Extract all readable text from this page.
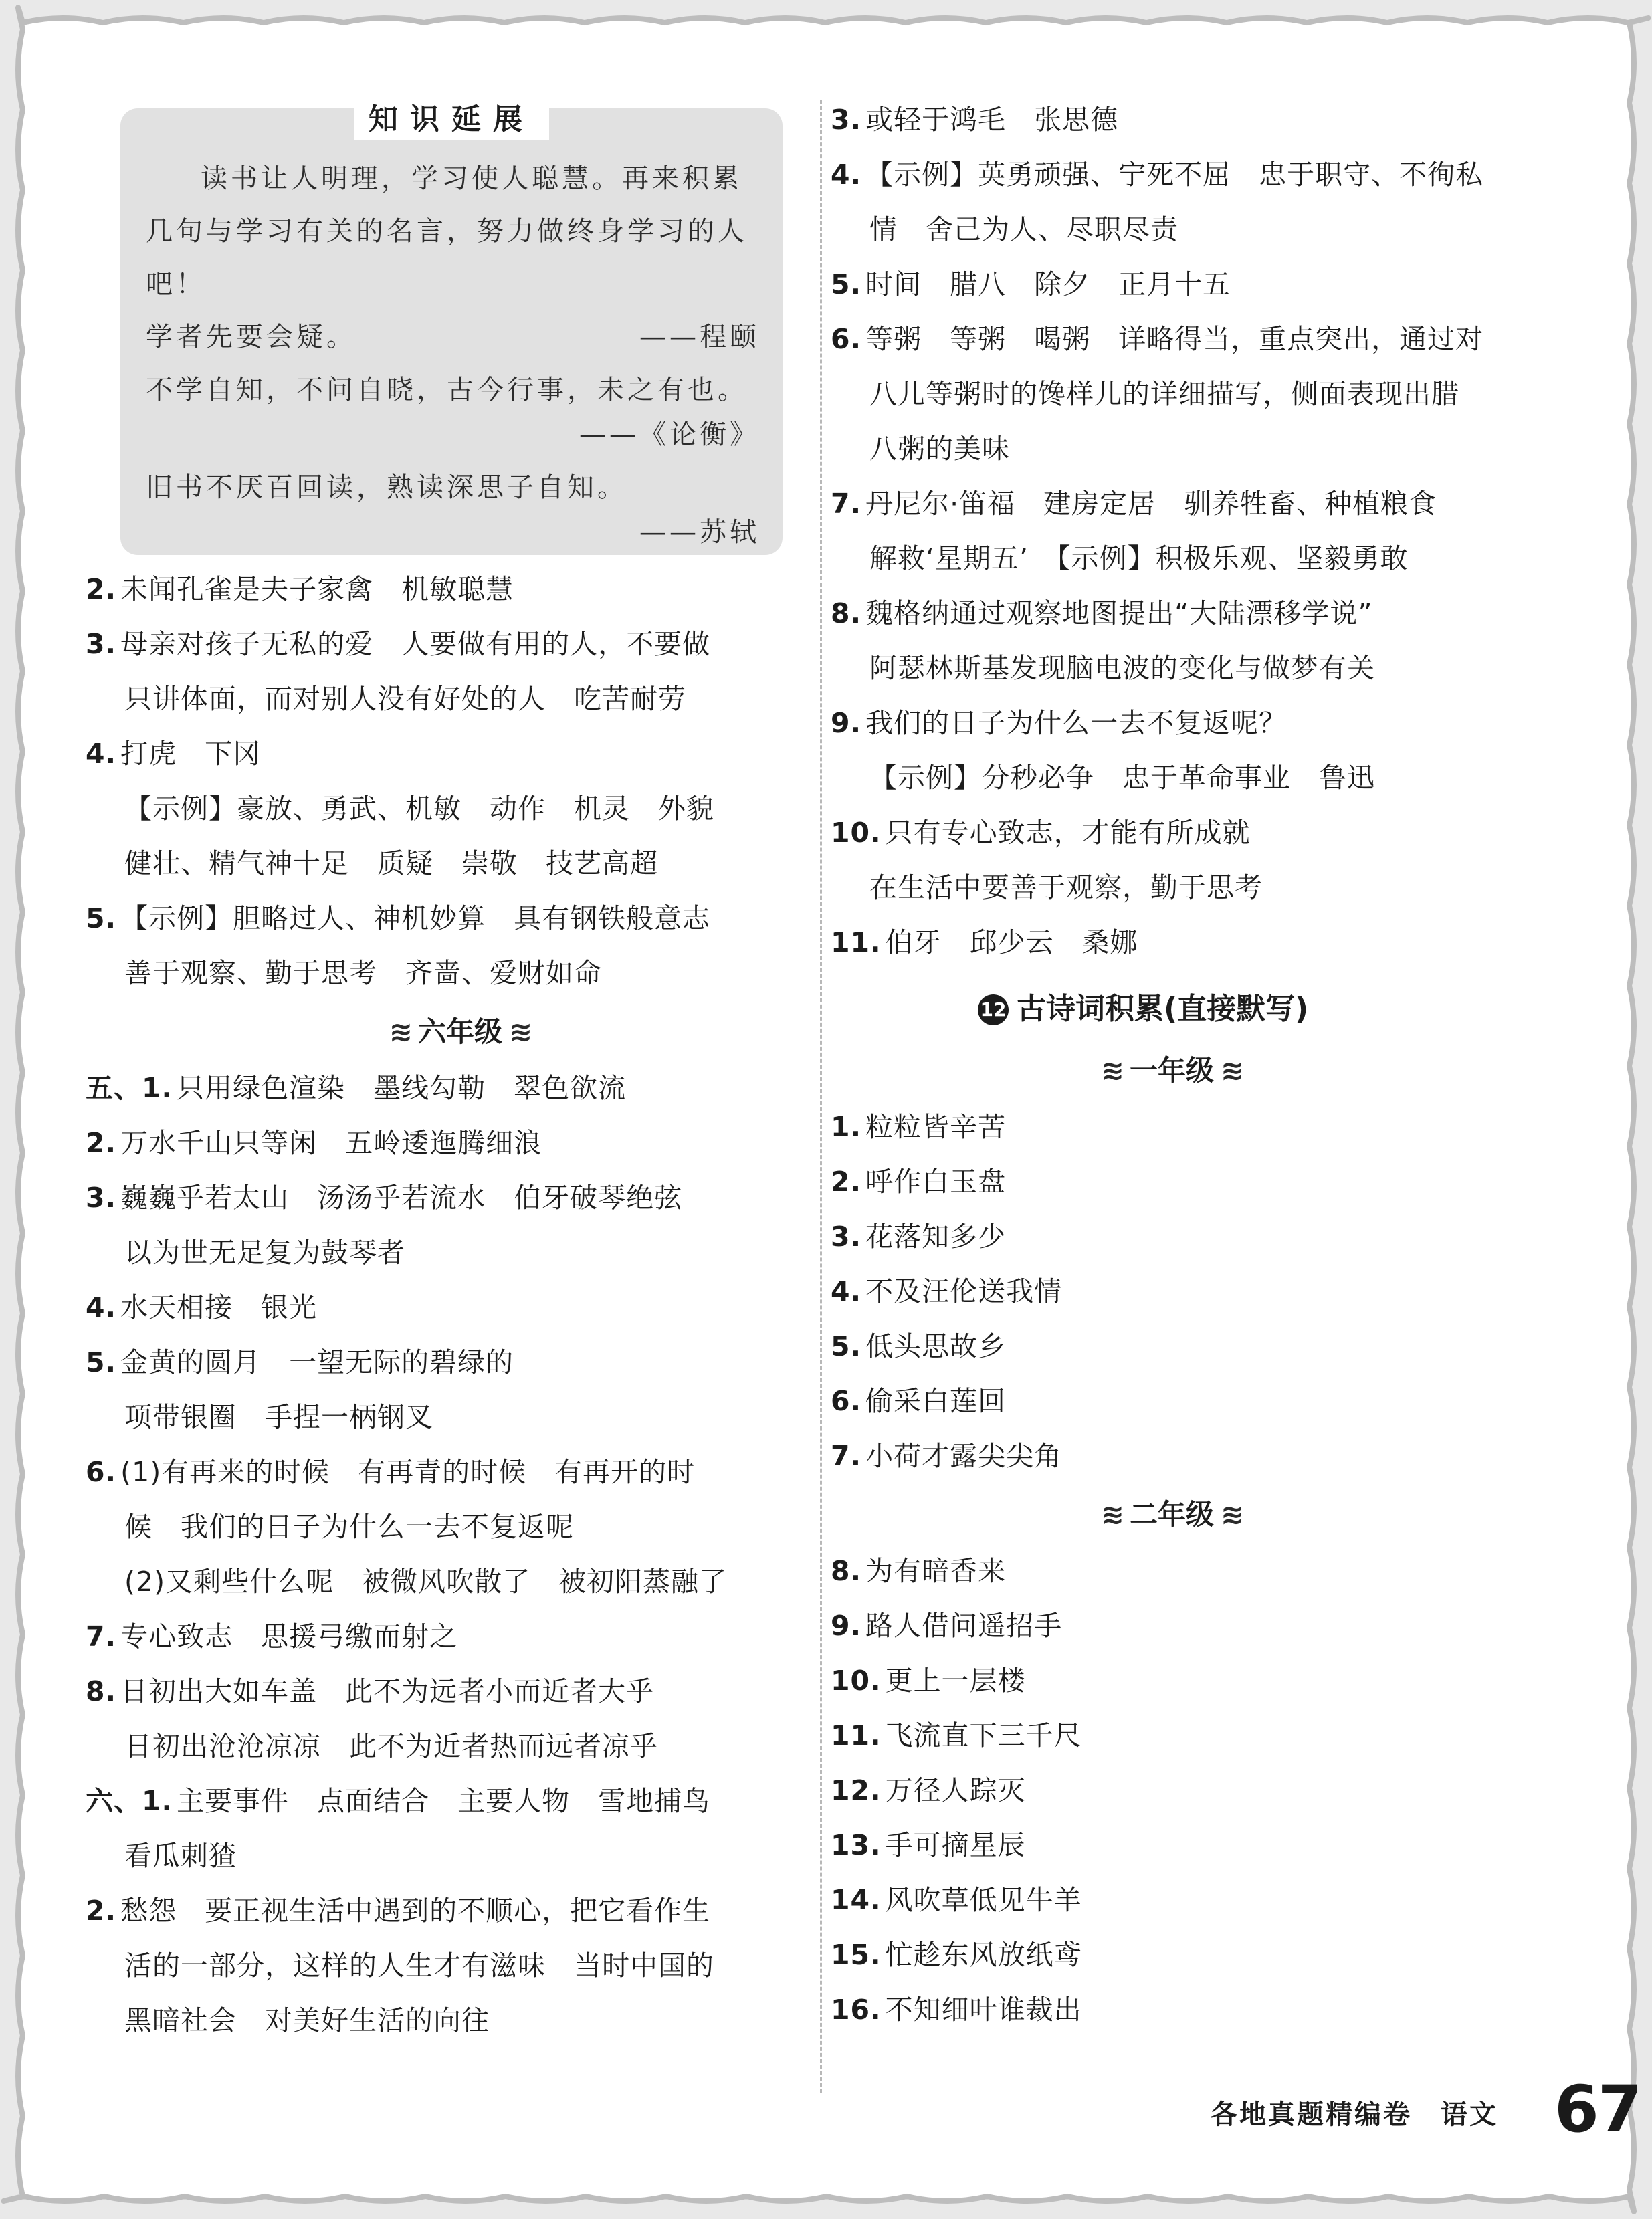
知识延展

读书让人明理，学习使人聪慧。再来积累几句与学习有关的名言，努力做终身学习的人吧！

学者先要会疑。	——程颐

不学自知，不问自晓，古今行事，未之有也。

——《论衡》

旧书不厌百回读，熟读深思子自知。

——苏轼

2. 未闻孔雀是夫子家禽　机敏聪慧

3. 母亲对孩子无私的爱　人要做有用的人，不要做

只讲体面，而对别人没有好处的人　吃苦耐劳

4. 打虎　下冈

【示例】豪放、勇武、机敏　动作　机灵　外貌

健壮、精气神十足　质疑　崇敬　技艺高超

5. 【示例】胆略过人、神机妙算　具有钢铁般意志

善于观察、勤于思考　齐啬、爱财如命

≋ 六年级 ≋

五、1. 只用绿色渲染　墨线勾勒　翠色欲流

2. 万水千山只等闲　五岭逶迤腾细浪

3. 巍巍乎若太山　汤汤乎若流水　伯牙破琴绝弦

以为世无足复为鼓琴者

4. 水天相接　银光

5. 金黄的圆月　一望无际的碧绿的

项带银圈　手捏一柄钢叉

6. (1)有再来的时候　有再青的时候　有再开的时

候　我们的日子为什么一去不复返呢

(2)又剩些什么呢　被微风吹散了　被初阳蒸融了

7. 专心致志　思援弓缴而射之

8. 日初出大如车盖　此不为远者小而近者大乎

日初出沧沧凉凉　此不为近者热而远者凉乎

六、1. 主要事件　点面结合　主要人物　雪地捕鸟

看瓜刺猹

2. 愁怨　要正视生活中遇到的不顺心，把它看作生

活的一部分，这样的人生才有滋味　当时中国的

黑暗社会　对美好生活的向往

3. 或轻于鸿毛　张思德

4. 【示例】英勇顽强、宁死不屈　忠于职守、不徇私

情　舍己为人、尽职尽责

5. 时间　腊八　除夕　正月十五

6. 等粥　等粥　喝粥　详略得当，重点突出，通过对

八儿等粥时的馋样儿的详细描写，侧面表现出腊

八粥的美味

7. 丹尼尔·笛福　建房定居　驯养牲畜、种植粮食

解救‘星期五’　【示例】积极乐观、坚毅勇敢

8. 魏格纳通过观察地图提出“大陆漂移学说”

阿瑟林斯基发现脑电波的变化与做梦有关

9. 我们的日子为什么一去不复返呢？

【示例】分秒必争　忠于革命事业　鲁迅

10. 只有专心致志，才能有所成就

在生活中要善于观察，勤于思考

11. 伯牙　邱少云　桑娜

12 古诗词积累(直接默写)
≋ 一年级 ≋

1. 粒粒皆辛苦

2. 呼作白玉盘

3. 花落知多少

4. 不及汪伦送我情

5. 低头思故乡

6. 偷采白莲回

7. 小荷才露尖尖角

≋ 二年级 ≋

8. 为有暗香来

9. 路人借问遥招手

10. 更上一层楼

11. 飞流直下三千尺

12. 万径人踪灭

13. 手可摘星辰

14. 风吹草低见牛羊

15. 忙趁东风放纸鸢

16. 不知细叶谁裁出

各地真题精编卷　语文 67
